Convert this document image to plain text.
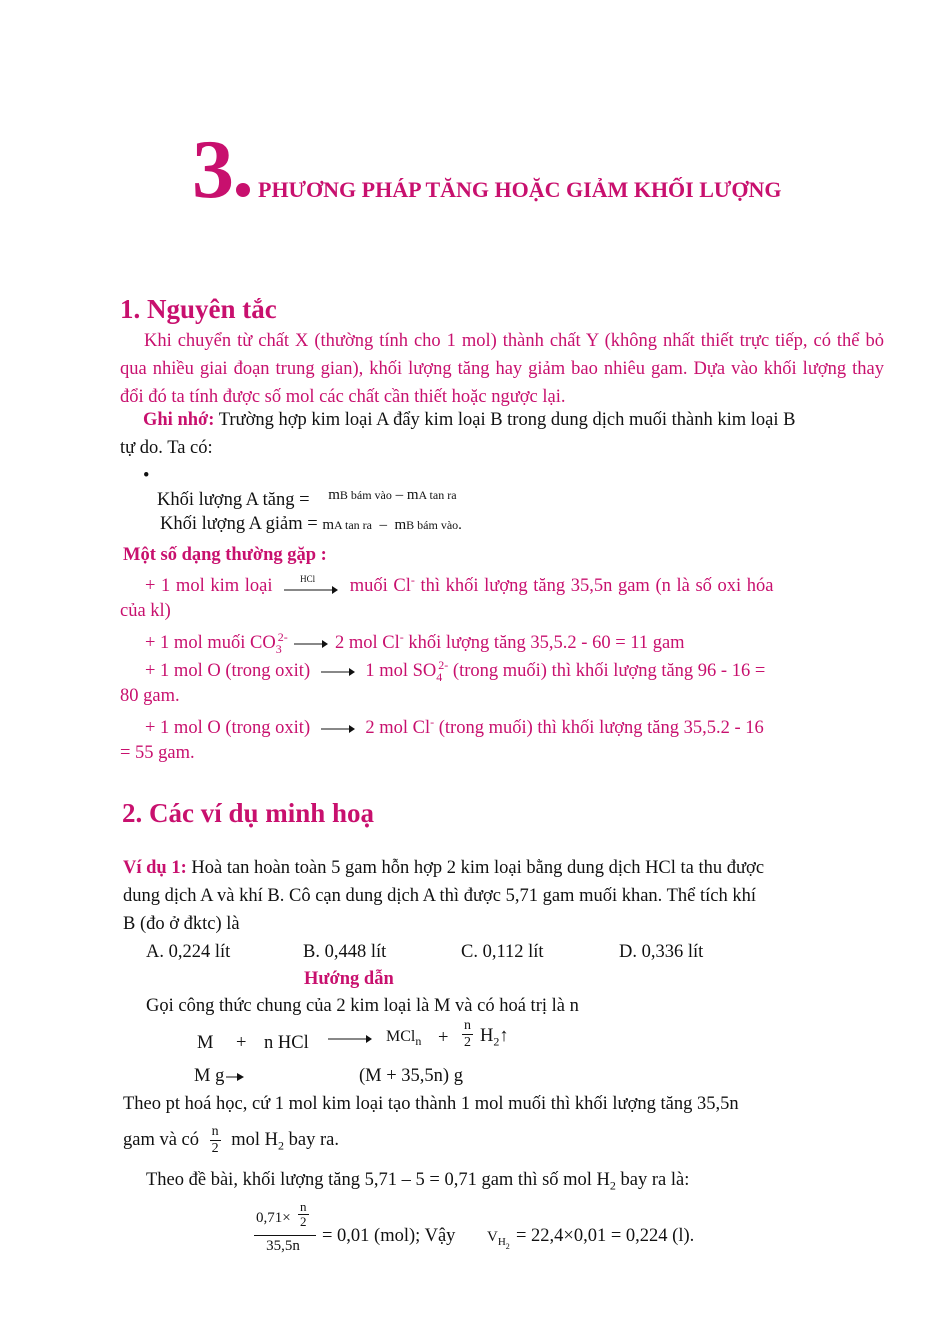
3 PHƯƠNG PHÁP TĂNG HOẶC GIẢM KHỐI LƯỢNG
1. Nguyên tắc
Khi chuyển từ chất X (thường tính cho 1 mol) thành chất Y (không nhất thiết trực tiếp, có thể bỏ qua nhiều giai đoạn trung gian), khối lượng tăng hay giảm bao nhiêu gam. Dựa vào khối lượng thay đổi đó ta tính được số mol các chất cần thiết hoặc ngược lại.
Ghi nhớ: Trường hợp kim loại A đẩy kim loại B trong dung dịch muối thành kim loại B
tự do. Ta có:
•
Khối lượng A tăng = $^{mB bám vào - mA tan ra}$
Khối lượng A giảm = mA tan ra – mB bám vào.
Một số dạng thường gặp :
+ 1 mol kim loại	HCl muối Cl- thì khối lượng tăng 35,5n gam (n là số oxi hóa
của kl)
+ 1 mol muối $CO_3^{2-}$	2 mol Cl- khối lượng tăng 35,5.2 - 60 = 11 gam
+ 1 mol O (trong oxit)	1 mol $SO_4^{2-}$ (trong muối) thì khối lượng tăng 96 - 16 =
80 gam.
+ 1 mol O (trong oxit)	2 mol Cl- (trong muối) thì khối lượng tăng 35,5.2 - 16
= 55 gam.
2. Các ví dụ minh hoạ
Ví dụ 1: Hoà tan hoàn toàn 5 gam hỗn hợp 2 kim loại bằng dung dịch HCl ta thu được
dung dịch A và khí B. Cô cạn dung dịch A thì được 5,71 gam muối khan. Thể tích khí
B (đo ở đktc) là
A. 0,224 lít	B. 0,448 lít	C. 0,112 lít	D. 0,336 lít
Hướng dẫn
Gọi công thức chung của 2 kim loại là M và có hoá trị là n
M + n HCl	$MCl_n + \frac{n}{2}$ $H_2↑$
M g	(M + 35,5n) g
Theo pt hoá học, cứ 1 mol kim loại tạo thành 1 mol muối thì khối lượng tăng 35,5n
gam và có $\frac{n}{2}$ mol $H_2$ bay ra.
Theo đề bài, khối lượng tăng 5,71 – 5 = 0,71 gam thì số mol $H_2$ bay ra là:
$0,71\times \frac{n}{2}$
35,5n	= 0,01 (mol); Vậy $V_{H2}$
= 22,4×0,01 = 0,224 (l).
